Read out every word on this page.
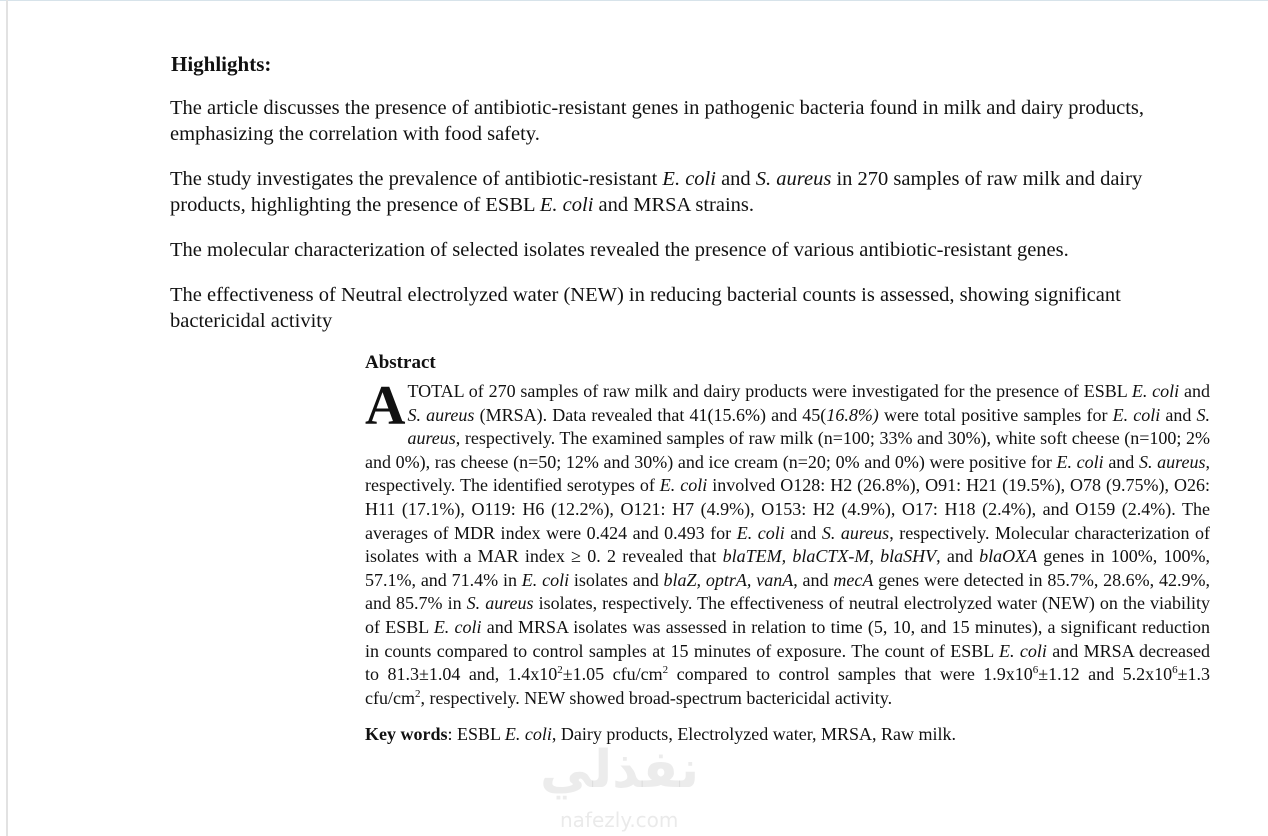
Highlights:

The article discusses the presence of antibiotic-resistant genes in pathogenic bacteria found in milk and dairy products, emphasizing the correlation with food safety.

The study investigates the prevalence of antibiotic-resistant E. coli and S. aureus in 270 samples of raw milk and dairy products, highlighting the presence of ESBL E. coli and MRSA strains.

The molecular characterization of selected isolates revealed the presence of various antibiotic-resistant genes.

The effectiveness of Neutral electrolyzed water (NEW) in reducing bacterial counts is assessed, showing significant bactericidal activity

Abstract

ATOTAL of 270 samples of raw milk and dairy products were investigated for the presence of ESBL E. coli and S. aureus (MRSA). Data revealed that 41(15.6%) and 45(16.8%) were total positive samples for E. coli and S. aureus, respectively. The examined samples of raw milk (n=100; 33% and 30%), white soft cheese (n=100; 2% and 0%), ras cheese (n=50; 12% and 30%) and ice cream (n=20; 0% and 0%) were positive for E. coli and S. aureus, respectively. The identified serotypes of E. coli involved O128: H2 (26.8%), O91: H21 (19.5%), O78 (9.75%), O26: H11 (17.1%), O119: H6 (12.2%), O121: H7 (4.9%), O153: H2 (4.9%), O17: H18 (2.4%), and O159 (2.4%). The averages of MDR index were 0.424 and 0.493 for E. coli and S. aureus, respectively. Molecular characterization of isolates with a MAR index ≥ 0. 2 revealed that blaTEM, blaCTX-M, blaSHV, and blaOXA genes in 100%, 100%, 57.1%, and 71.4% in E. coli isolates and blaZ, optrA, vanA, and mecA genes were detected in 85.7%, 28.6%, 42.9%, and 85.7% in S. aureus isolates, respectively. The effectiveness of neutral electrolyzed water (NEW) on the viability of ESBL E. coli and MRSA isolates was assessed in relation to time (5, 10, and 15 minutes), a significant reduction in counts compared to control samples at 15 minutes of exposure. The count of ESBL E. coli and MRSA decreased to 81.3±1.04 and, $1.4x10^2\pm 1.05$ cfu/$cm^2$ compared to control samples that were $1.9x10^6\pm 1.12$ and $5.2x10^6\pm 1.3$ cfu/$cm^2$, respectively. NEW showed broad-spectrum bactericidal activity.

Key words: ESBL E. coli, Dairy products, Electrolyzed water, MRSA, Raw milk.
نفذلي
nafezly.com
